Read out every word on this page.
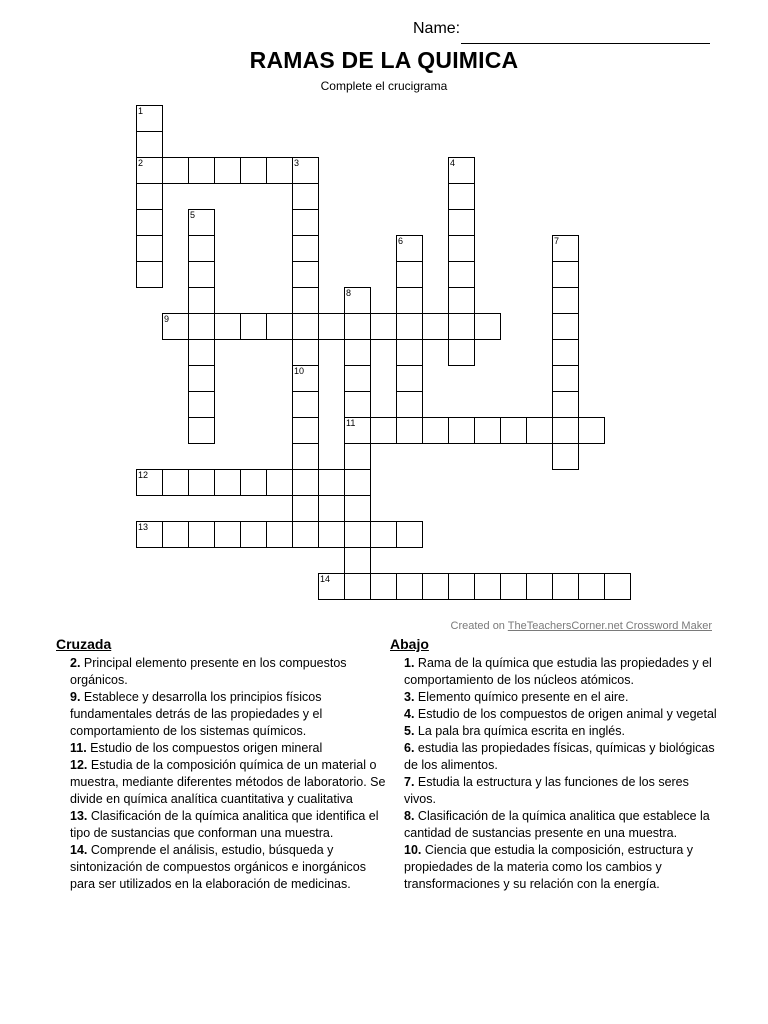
Name:
RAMAS DE LA QUIMICA
Complete el crucigrama
1
2	3
10
4
5
6	7
8
11
9
12
13
14
Created on TheTeachersCorner.net Crossword Maker
Cruzada
2. Principal elemento presente en los compuestos orgánicos.
9. Establece y desarrolla los principios físicos fundamentales detrás de las propiedades y el comportamiento de los sistemas químicos.
11. Estudio de los compuestos origen mineral
12. Estudia de la composición química de un material o muestra, mediante diferentes métodos de laboratorio. Se divide en química analítica cuantitativa y cualitativa
13. Clasificación de la química analitica que identifica el tipo de sustancias que conforman una muestra.
14. Comprende el análisis, estudio, búsqueda y sintonización de compuestos orgánicos e inorgánicos para ser utilizados en la elaboración de medicinas.
Abajo
1. Rama de la química que estudia las propiedades y el comportamiento de los núcleos atómicos.
3. Elemento químico presente en el aire.
4. Estudio de los compuestos de origen animal y vegetal
5. La pala bra química escrita en inglés.
6. estudia las propiedades físicas, químicas y biológicas de los alimentos.
7. Estudia la estructura y las funciones de los seres vivos.
8. Clasificación de la química analitica que establece la cantidad de sustancias presente en una muestra.
10. Ciencia que estudia la composición, estructura y propiedades de la materia como los cambios y transformaciones y su relación con la energía.
